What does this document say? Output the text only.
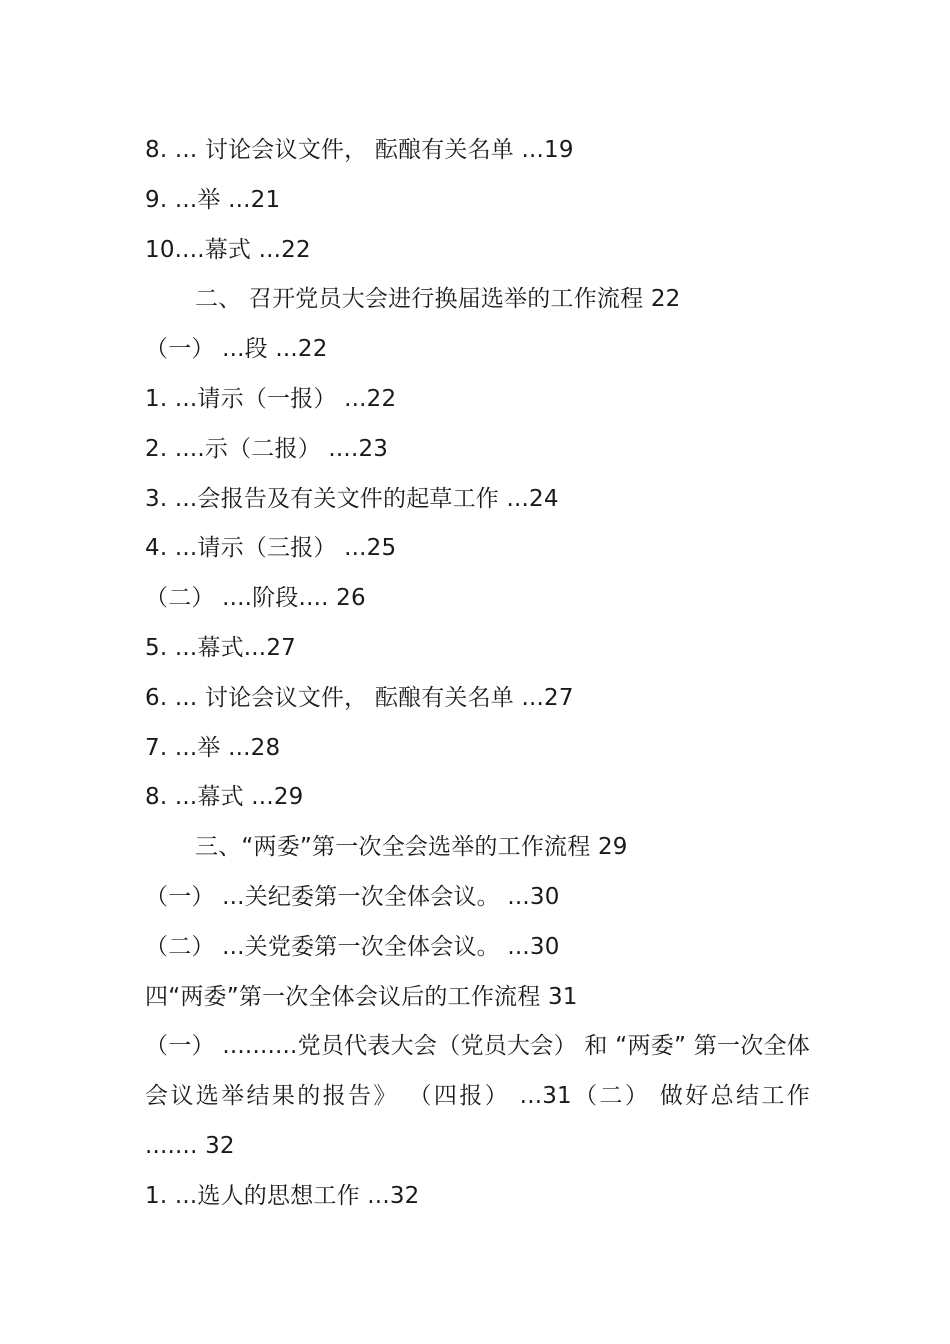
8. ... 讨论会议文件， 酝酿有关名单 ...19
9. ...举 ...21
10....幕式 ...22
二、 召开党员大会进行换届选举的工作流程 22
（一） ...段 ...22
1. ...请示（一报） ...22
2. ....示（二报） ....23
3. ...会报告及有关文件的起草工作 ...24
4. ...请示（三报） ...25
（二） ....阶段.... 26
5. ...幕式...27
6. ... 讨论会议文件， 酝酿有关名单 ...27
7. ...举 ...28
8. ...幕式 ...29
三、“两委”第一次全会选举的工作流程 29
（一） ...关纪委第一次全体会议。 ...30
（二） ...关党委第一次全体会议。 ...30
四“两委”第一次全体会议后的工作流程 31
（一） ..........党员代表大会（党员大会） 和 “两委” 第一次全体会议选举结果的报告》 （四报） ...31（二） 做好总结工作 ....... 32
1. ...选人的思想工作 ...32
